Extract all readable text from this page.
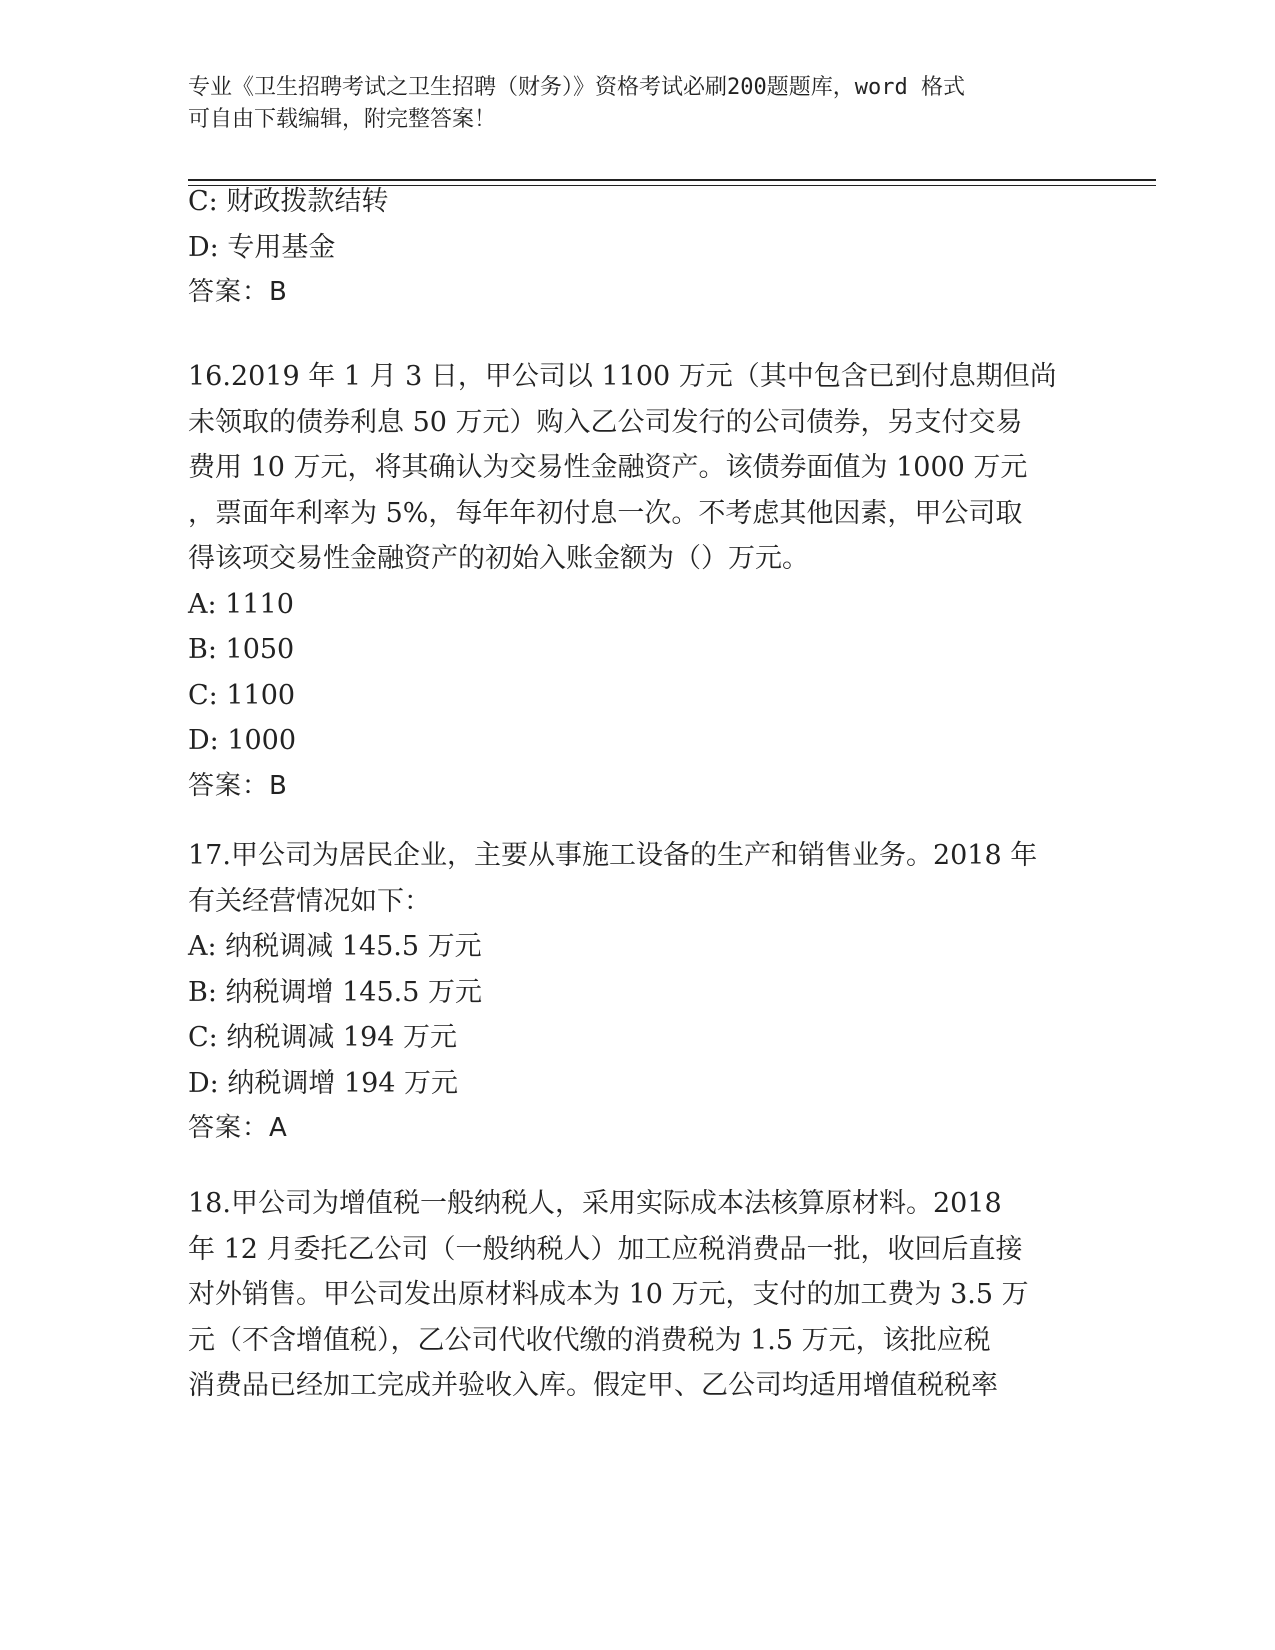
专业《卫生招聘考试之卫生招聘（财务）》资格考试必刷200题题库，word 格式
可自由下载编辑，附完整答案！
C: 财政拨款结转
D: 专用基金
答案：B
16.2019 年 1 月 3 日，甲公司以 1100 万元（其中包含已到付息期但尚
未领取的债券利息 50 万元）购入乙公司发行的公司债券，另支付交易
费用 10 万元，将其确认为交易性金融资产。该债券面值为 1000 万元
，票面年利率为 5%，每年年初付息一次。不考虑其他因素，甲公司取
得该项交易性金融资产的初始入账金额为（）万元。
A: 1110
B: 1050
C: 1100
D: 1000
答案：B
17.甲公司为居民企业，主要从事施工设备的生产和销售业务。2018 年
有关经营情况如下：
A: 纳税调减 145.5 万元
B: 纳税调增 145.5 万元
C: 纳税调减 194 万元
D: 纳税调增 194 万元
答案：A
18.甲公司为增值税一般纳税人，采用实际成本法核算原材料。2018
年 12 月委托乙公司（一般纳税人）加工应税消费品一批，收回后直接
对外销售。甲公司发出原材料成本为 10 万元，支付的加工费为 3.5 万
元（不含增值税），乙公司代收代缴的消费税为 1.5 万元，该批应税
消费品已经加工完成并验收入库。假定甲、乙公司均适用增值税税率
